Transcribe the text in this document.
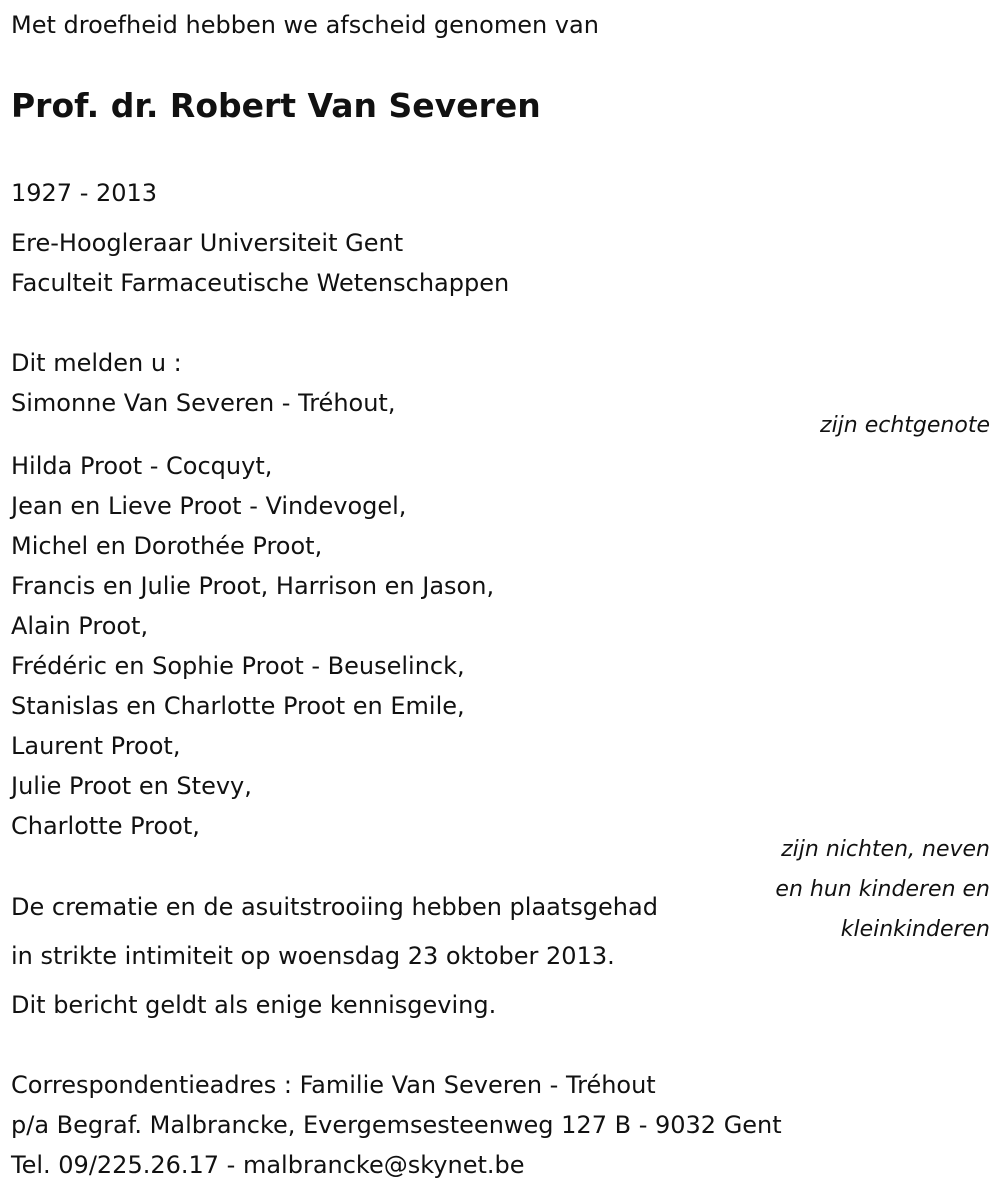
Met droefheid hebben we afscheid genomen van
Prof. dr. Robert Van Severen
1927 - 2013
Ere-Hoogleraar Universiteit Gent
Faculteit Farmaceutische Wetenschappen
Dit melden u :
Simonne Van Severen - Tréhout,
zijn echtgenote
Hilda Proot - Cocquyt,
Jean en Lieve Proot - Vindevogel,
Michel en Dorothée Proot,
Francis en Julie Proot, Harrison en Jason,
Alain Proot,
Frédéric en Sophie Proot - Beuselinck,
Stanislas en Charlotte Proot en Emile,
Laurent Proot,
Julie Proot en Stevy,
Charlotte Proot,
zijn nichten, neven
en hun kinderen en
kleinkinderen
De crematie en de asuitstrooiing hebben plaatsgehad
in strikte intimiteit op woensdag 23 oktober 2013.
Dit bericht geldt als enige kennisgeving.
Correspondentieadres : Familie Van Severen - Tréhout
p/a Begraf. Malbrancke, Evergemsesteenweg 127 B - 9032 Gent
Tel. 09/225.26.17 - malbrancke@skynet.be
